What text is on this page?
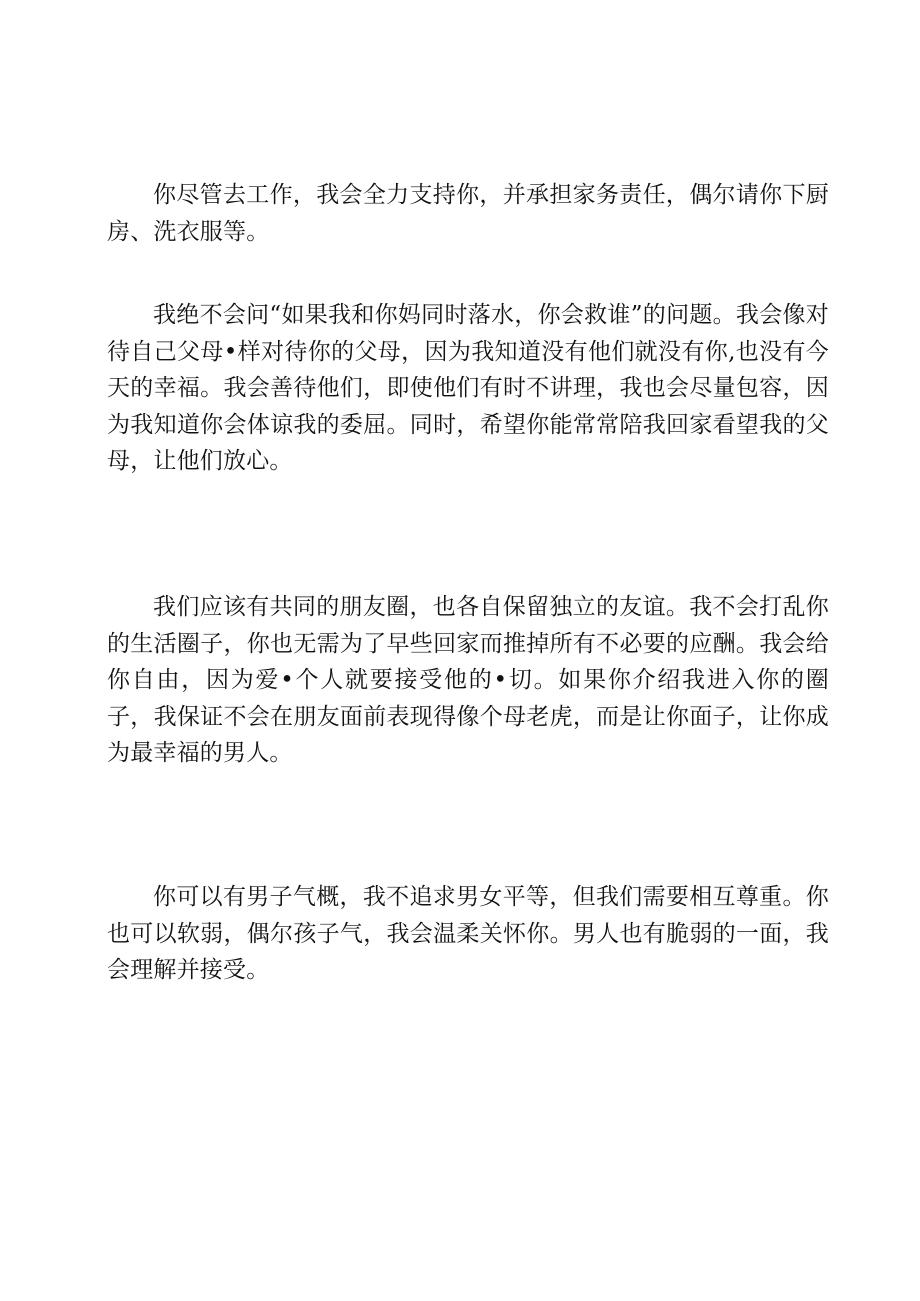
你尽管去工作，我会全力支持你，并承担家务责任，偶尔请你下厨房、洗衣服等。

我绝不会问“如果我和你妈同时落水，你会救谁”的问题。我会像对待自己父母•样对待你的父母，因为我知道没有他们就没有你,也没有今天的幸福。我会善待他们，即使他们有时不讲理，我也会尽量包容，因为我知道你会体谅我的委屈。同时，希望你能常常陪我回家看望我的父母，让他们放心。

我们应该有共同的朋友圈，也各自保留独立的友谊。我不会打乱你的生活圈子，你也无需为了早些回家而推掉所有不必要的应酬。我会给你自由，因为爱•个人就要接受他的•切。如果你介绍我进入你的圈子，我保证不会在朋友面前表现得像个母老虎，而是让你面子，让你成为最幸福的男人。

你可以有男子气概，我不追求男女平等，但我们需要相互尊重。你也可以软弱，偶尔孩子气，我会温柔关怀你。男人也有脆弱的一面，我会理解并接受。
